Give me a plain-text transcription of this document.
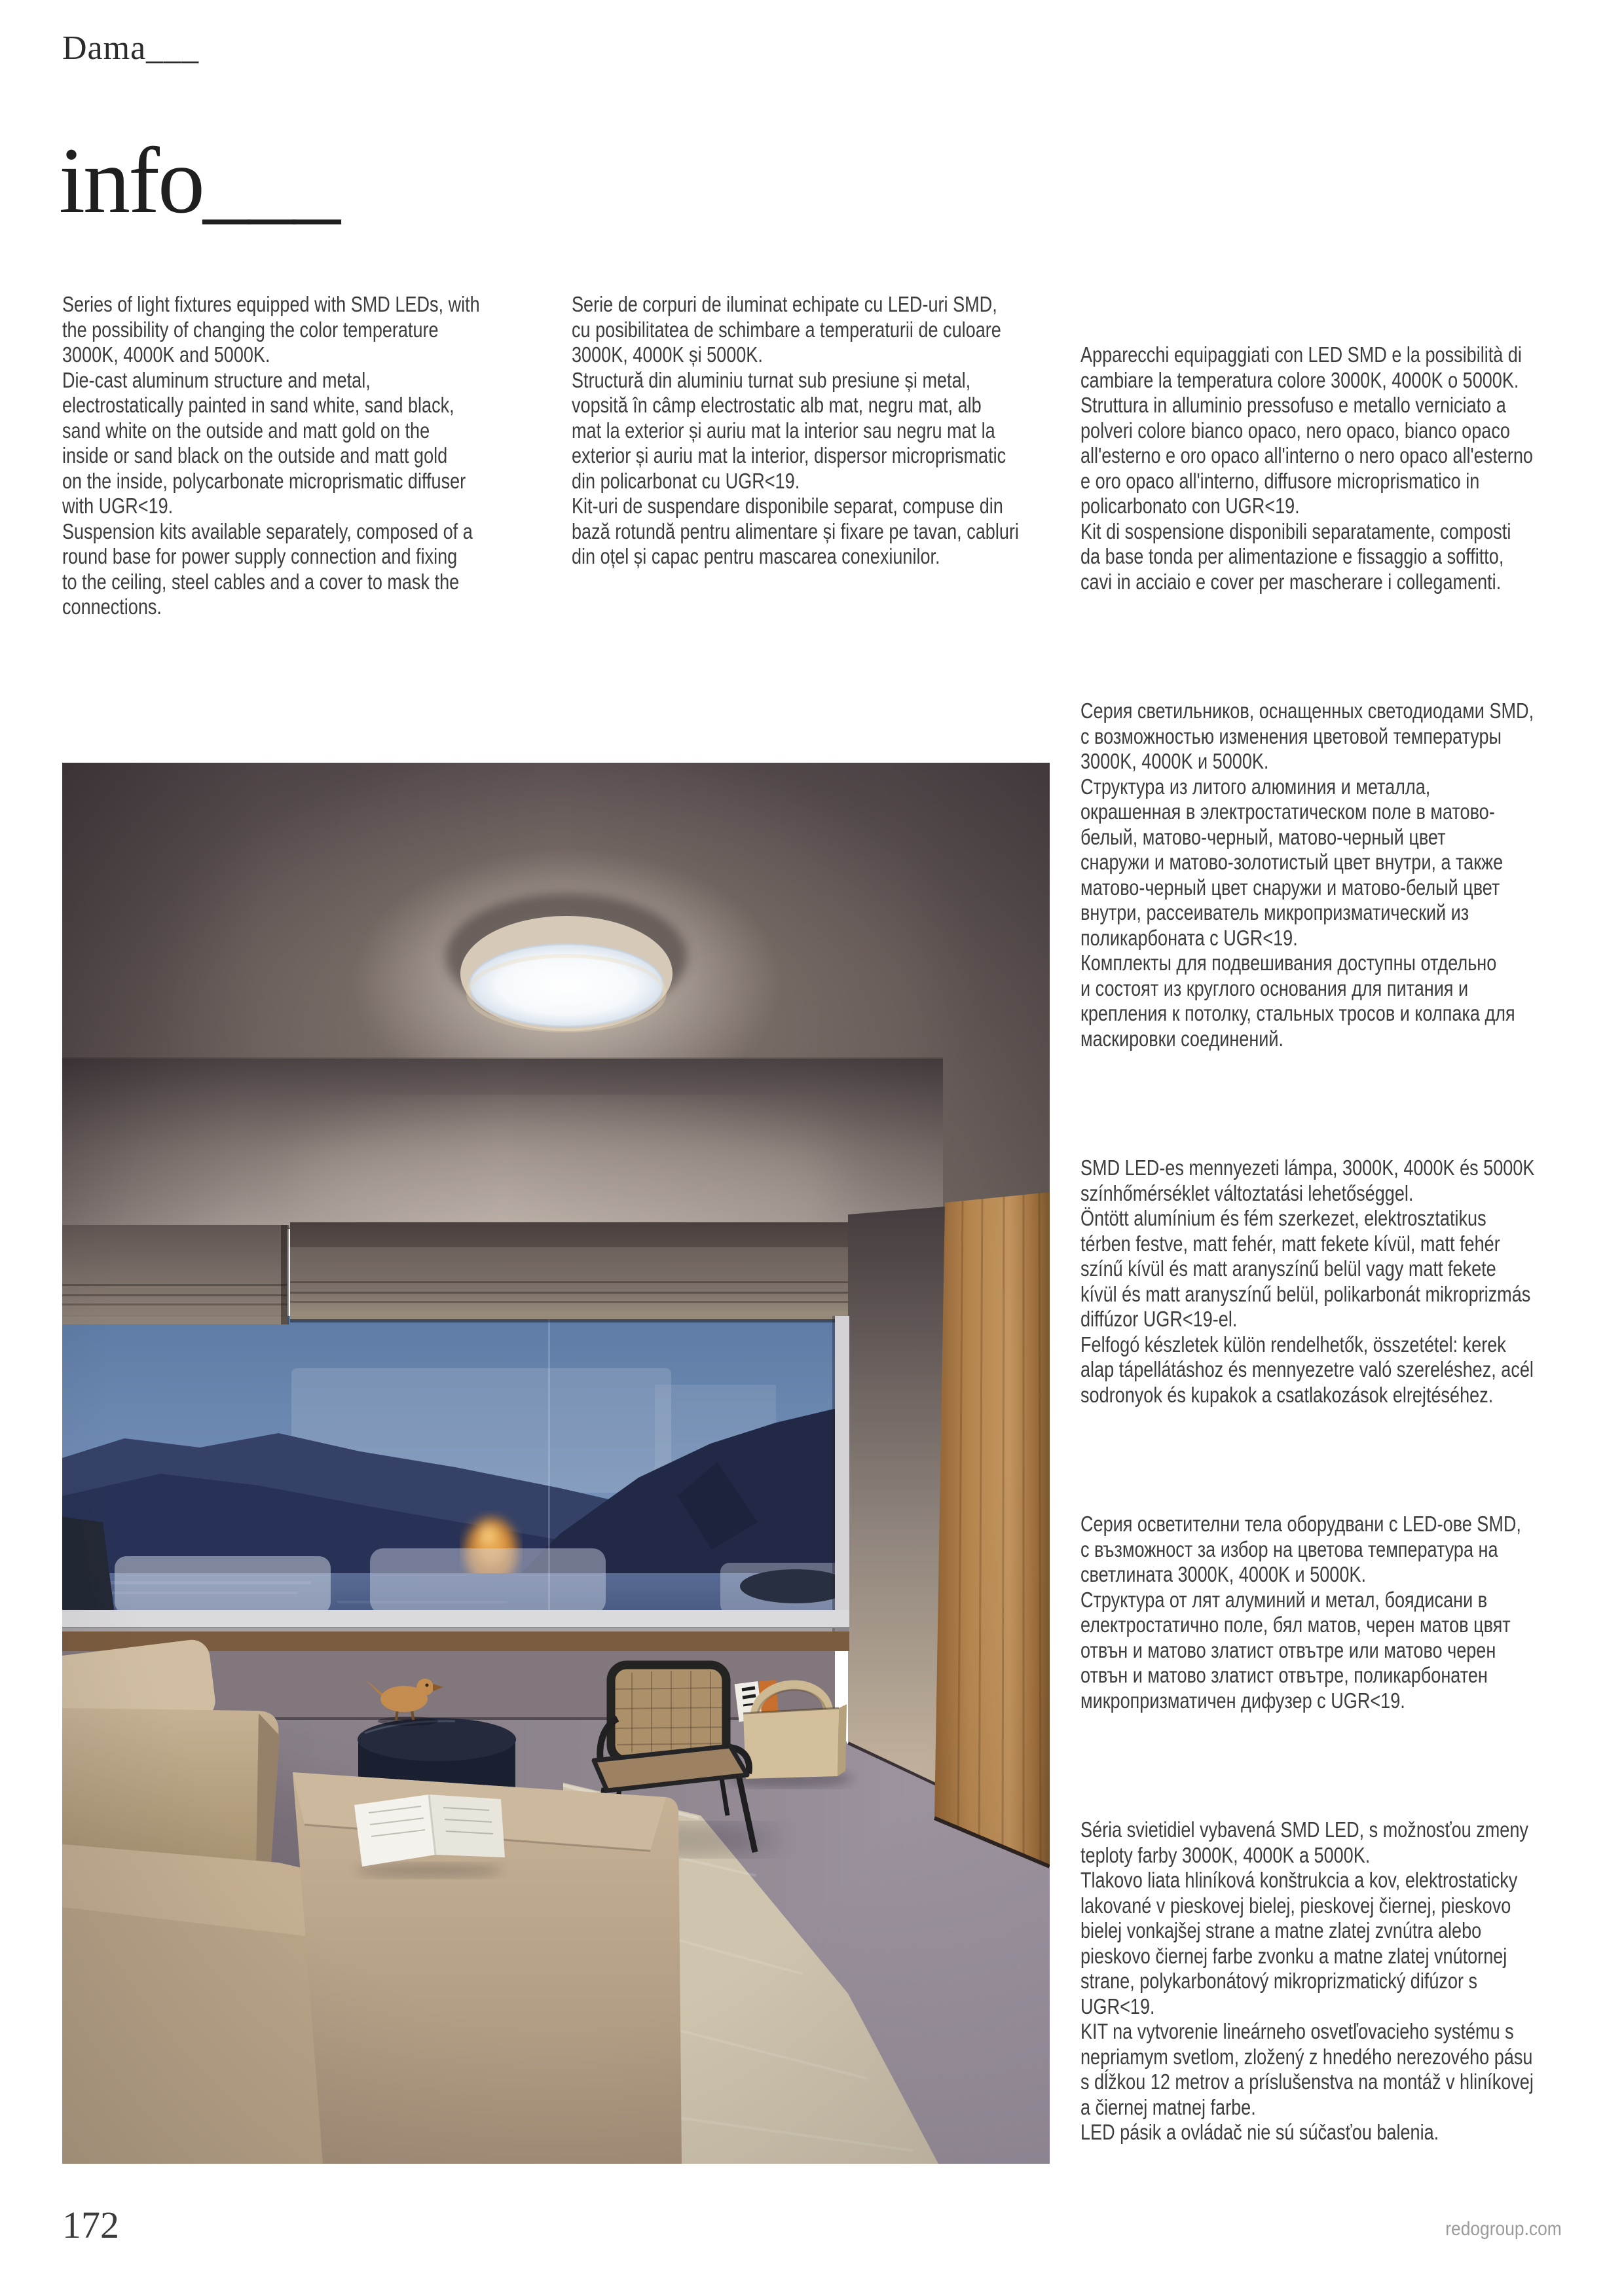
Dama___
info___
Series of light fixtures equipped with SMD LEDs, with
the possibility of changing the color temperature
3000K, 4000K and 5000K.
Die-cast aluminum structure and metal,
electrostatically painted in sand white, sand black,
sand white on the outside and matt gold on the
inside or sand black on the outside and matt gold
on the inside, polycarbonate microprismatic diffuser
with UGR<19.
Suspension kits available separately, composed of a
round base for power supply connection and fixing
to the ceiling, steel cables and a cover to mask the
connections.
Serie de corpuri de iluminat echipate cu LED-uri SMD,
cu posibilitatea de schimbare a temperaturii de culoare
3000K, 4000K și 5000K.
Structură din aluminiu turnat sub presiune și metal,
vopsită în câmp electrostatic alb mat, negru mat, alb
mat la exterior și auriu mat la interior sau negru mat la
exterior și auriu mat la interior, dispersor microprismatic
din policarbonat cu UGR<19.
Kit-uri de suspendare disponibile separat, compuse din
bază rotundă pentru alimentare și fixare pe tavan, cabluri
din oțel și capac pentru mascarea conexiunilor.

Apparecchi equipaggiati con LED SMD e la possibilità di
cambiare la temperatura colore 3000K, 4000K o 5000K.
Struttura in alluminio pressofuso e metallo verniciato a
polveri colore bianco opaco, nero opaco, bianco opaco
all'esterno e oro opaco all'interno o nero opaco all'esterno
e oro opaco all'interno, diffusore microprismatico in
policarbonato con UGR<19.
Kit di sospensione disponibili separatamente, composti
da base tonda per alimentazione e fissaggio a soffitto,
cavi in acciaio e cover per mascherare i collegamenti.

Серия светильников, оснащенных светодиодами SMD,
с возможностью изменения цветовой температуры
3000K, 4000K и 5000K.
Структура из литого алюминия и металла,
окрашенная в электростатическом поле в матово-
белый, матово-черный, матово-черный цвет
снаружи и матово-золотистый цвет внутри, а также
матово-черный цвет снаружи и матово-белый цвет
внутри, рассеиватель микропризматический из
поликарбоната с UGR<19.
Комплекты для подвешивания доступны отдельно
и состоят из круглого основания для питания и
крепления к потолку, стальных тросов и колпака для
маскировки соединений.

SMD LED-es mennyezeti lámpa, 3000K, 4000K és 5000K
színhőmérséklet változtatási lehetőséggel.
Öntött alumínium és fém szerkezet, elektrosztatikus
térben festve, matt fehér, matt fekete kívül, matt fehér
színű kívül és matt aranyszínű belül vagy matt fekete
kívül és matt aranyszínű belül, polikarbonát mikroprizmás
diffúzor UGR<19-el.
Felfogó készletek külön rendelhetők, összetétel: kerek
alap tápellátáshoz és mennyezetre való szereléshez, acél
sodronyok és kupakok a csatlakozások elrejtéséhez.

Серия осветителни тела оборудвани с LED-ове SMD,
с възможност за избор на цветова температура на
светлината 3000K, 4000K и 5000K.
Структура от лят алуминий и метал, боядисани в
електростатично поле, бял матов, черен матов цвят
отвън и матово златист отвътре или матово черен
отвън и матово златист отвътре, поликарбонатен
микропризматичен дифузер с UGR<19.

Séria svietidiel vybavená SMD LED, s možnosťou zmeny
teploty farby 3000K, 4000K a 5000K.
Tlakovo liata hliníková konštrukcia a kov, elektrostaticky
lakované v pieskovej bielej, pieskovej čiernej, pieskovo
bielej vonkajšej strane a matne zlatej zvnútra alebo
pieskovo čiernej farbe zvonku a matne zlatej vnútornej
strane, polykarbonátový mikroprizmatický difúzor s
UGR<19.
KIT na vytvorenie lineárneho osvetľovacieho systému s
nepriamym svetlom, zložený z hnedého nerezového pásu
s dĺžkou 12 metrov a príslušenstva na montáž v hliníkovej
a čiernej matnej farbe.
LED pásik a ovládač nie sú súčasťou balenia.

172	redogroup.com
